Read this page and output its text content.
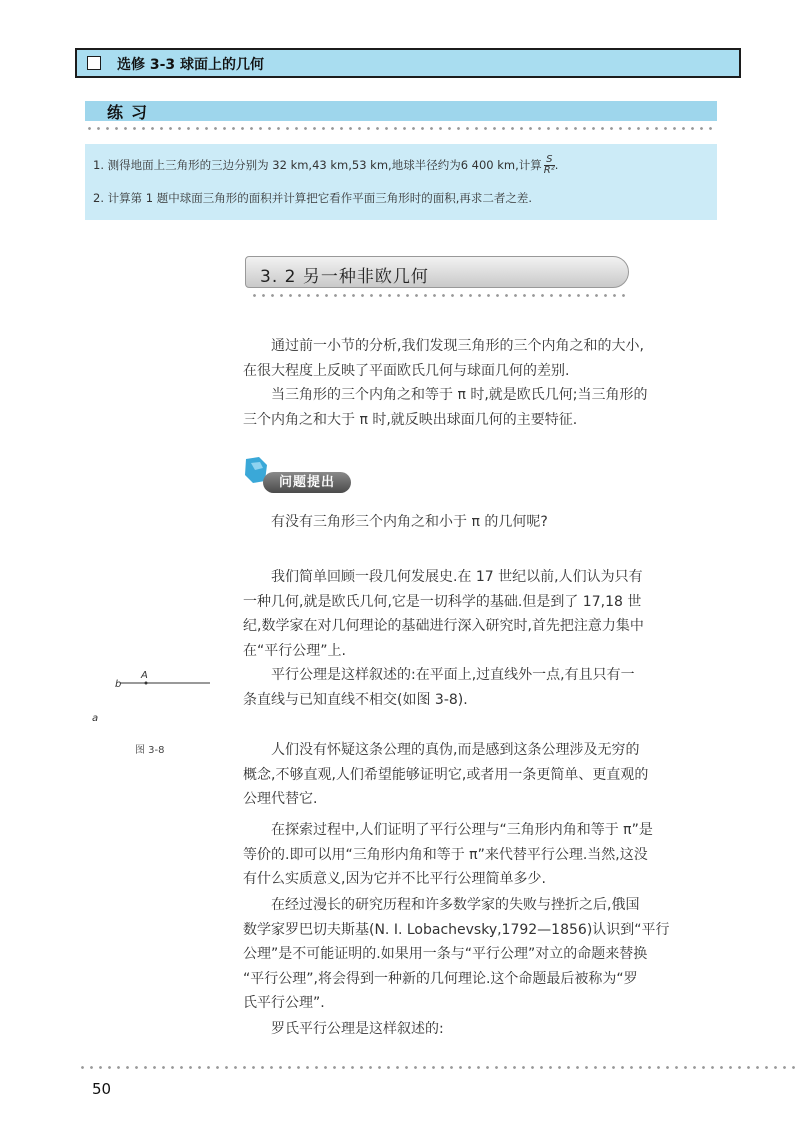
选修 3-3 球面上的几何
练习
1. 测得地面上三角形的三边分别为 32 km,43 km,53 km,地球半径约为6 400 km,计算 $\frac{S}{\text{R²}}$ .
2. 计算第 1 题中球面三角形的面积并计算把它看作平面三角形时的面积,再求二者之差.
3. 2 另一种非欧几何

通过前一小节的分析,我们发现三角形的三个内角之和的大小,
在很大程度上反映了平面欧氏几何与球面几何的差别.

当三角形的三个内角之和等于 π 时,就是欧氏几何;当三角形的
三个内角之和大于 π 时,就反映出球面几何的主要特征.

问题提出

有没有三角形三个内角之和小于 π 的几何呢?

我们简单回顾一段几何发展史.在 17 世纪以前,人们认为只有
一种几何,就是欧氏几何,它是一切科学的基础.但是到了 17,18 世
纪,数学家在对几何理论的基础进行深入研究时,首先把注意力集中
在“平行公理”上.

平行公理是这样叙述的:在平面上,过直线外一点,有且只有一
条直线与已知直线不相交(如图 3-8).

人们没有怀疑这条公理的真伪,而是感到这条公理涉及无穷的
概念,不够直观,人们希望能够证明它,或者用一条更简单、更直观的
公理代替它.

在探索过程中,人们证明了平行公理与“三角形内角和等于 π”是
等价的.即可以用“三角形内角和等于 π”来代替平行公理.当然,这没
有什么实质意义,因为它并不比平行公理简单多少.

在经过漫长的研究历程和许多数学家的失败与挫折之后,俄国
数学家罗巴切夫斯基(N. I. Lobachevsky,1792—1856)认识到“平行
公理”是不可能证明的.如果用一条与“平行公理”对立的命题来替换
“平行公理”,将会得到一种新的几何理论.这个命题最后被称为“罗
氏平行公理”.

罗氏平行公理是这样叙述的:

b
A
a
图 3-8
50
